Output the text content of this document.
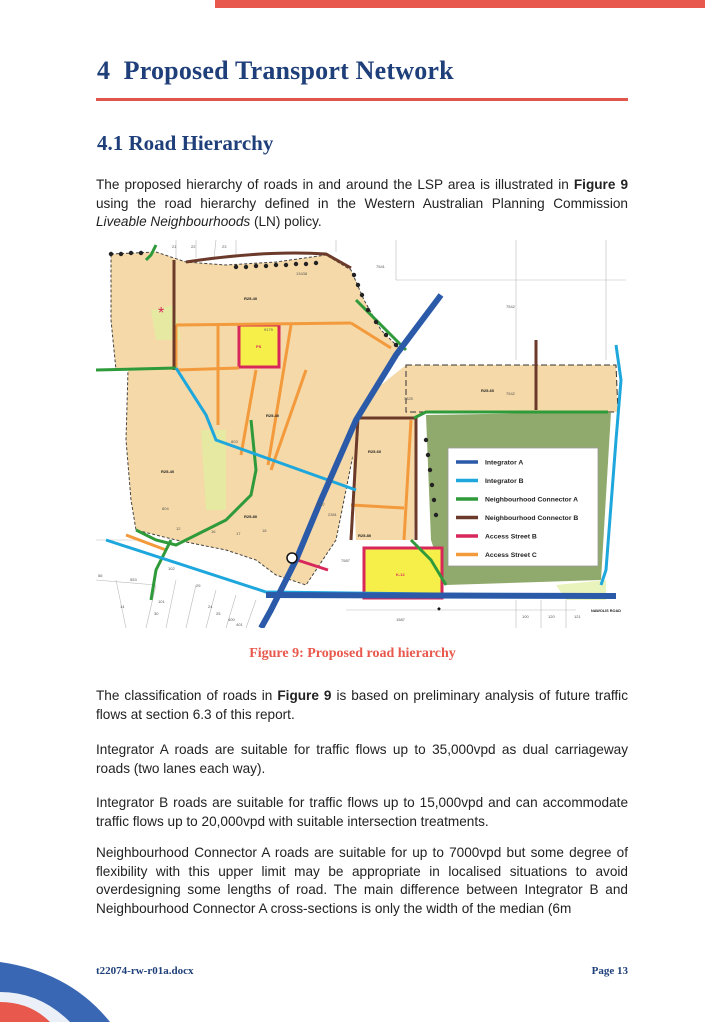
4 Proposed Transport Network
4.1 Road Hierarchy

The proposed hierarchy of roads in and around the LSP area is illustrated in Figure 9 using the road hierarchy defined in the Western Australian Planning Commission Liveable Neighbourhoods (LN) policy.

*
⬩
Integrator A
Integrator B
Neighbourhood Connector A
Neighbourhood Connector B
Access Street B
Access Street C
R25-40
R25-40
R25-40
R25-80
R25-60
R25-60
R25-80
PS
K-12
13438
7541
7542
7542
9179
803
804
12
16	17
18
7587
1587
2307
2381
3325
102
29
24
25
400
401
101
30
14
553
56
100	120	121
21	22	23
NAWOLIS ROAD
Figure 9: Proposed road hierarchy

The classification of roads in Figure 9 is based on preliminary analysis of future traffic flows at section 6.3 of this report.

Integrator A roads are suitable for traffic flows up to 35,000vpd as dual carriageway roads (two lanes each way).

Integrator B roads are suitable for traffic flows up to 15,000vpd and can accommodate traffic flows up to 20,000vpd with suitable intersection treatments.

Neighbourhood Connector A roads are suitable for up to 7000vpd but some degree of flexibility with this upper limit may be appropriate in localised situations to avoid overdesigning some lengths of road. The main difference between Integrator B and Neighbourhood Connector A cross-sections is only the width of the median (6m

t22074-rw-r01a.docx	Page 13
